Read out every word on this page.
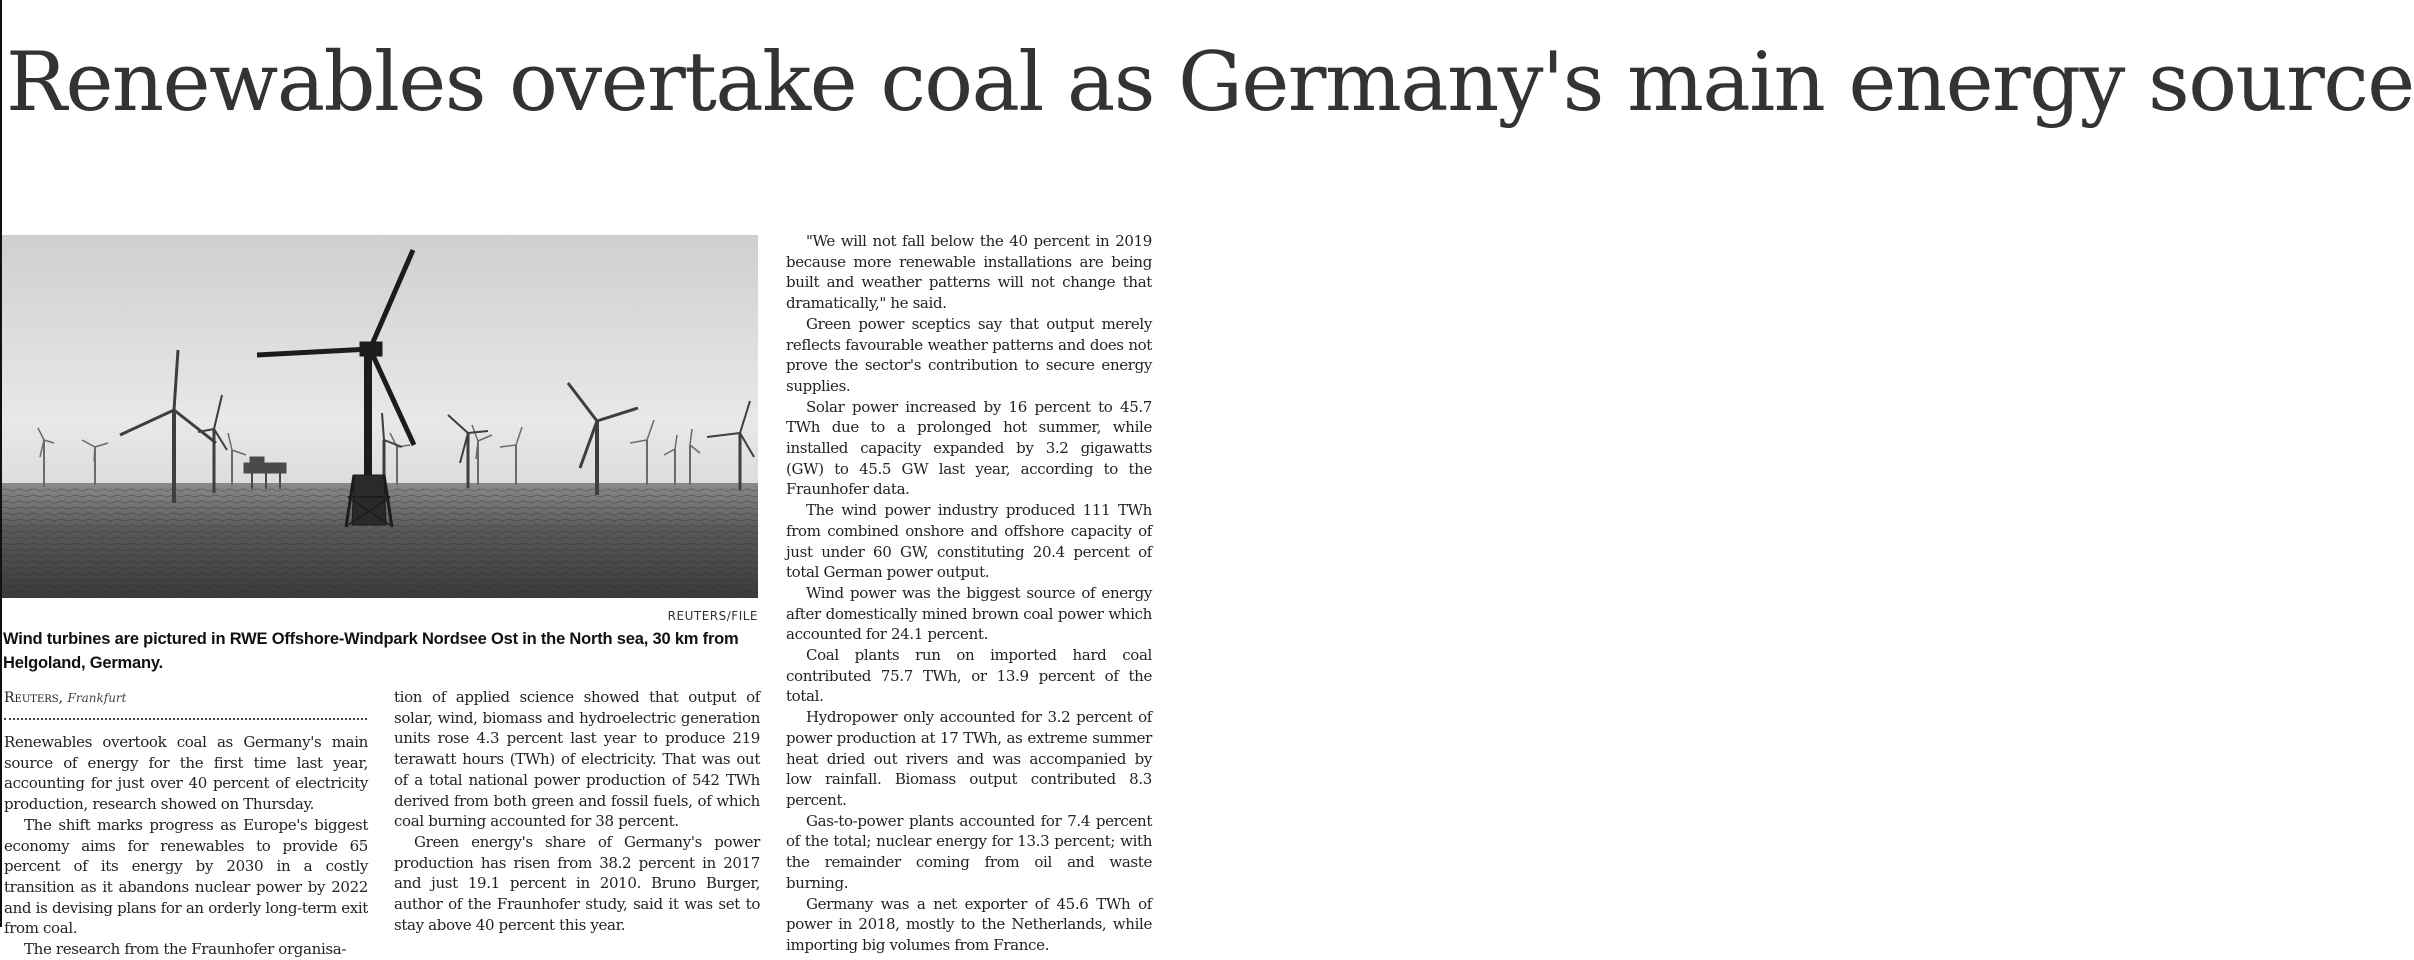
Renewables overtake coal as Germany's main energy source
REUTERS/FILE
Wind turbines are pictured in RWE Offshore-Windpark Nordsee Ost in the North sea, 30 km from Helgoland, Germany.
Reuters, Frankfurt

Renewables overtook coal as Germany's main source of energy for the first time last year, accounting for just over 40 percent of electricity production, research showed on Thursday.

The shift marks progress as Europe's biggest economy aims for renewables to provide 65 percent of its energy by 2030 in a costly transition as it abandons nuclear power by 2022 and is devising plans for an orderly long-term exit from coal.

The research from the Fraunhofer organisa-

tion of applied science showed that output of solar, wind, biomass and hydroelectric generation units rose 4.3 percent last year to produce 219 terawatt hours (TWh) of electricity. That was out of a total national power production of 542 TWh derived from both green and fossil fuels, of which coal burning accounted for 38 percent.

Green energy's share of Germany's power production has risen from 38.2 percent in 2017 and just 19.1 percent in 2010. Bruno Burger, author of the Fraunhofer study, said it was set to stay above 40 percent this year.

"We will not fall below the 40 percent in 2019 because more renewable installations are being built and weather patterns will not change that dramatically," he said.

Green power sceptics say that output merely reflects favourable weather patterns and does not prove the sector's contribution to secure energy supplies.

Solar power increased by 16 percent to 45.7 TWh due to a prolonged hot summer, while installed capacity expanded by 3.2 gigawatts (GW) to 45.5 GW last year, according to the Fraunhofer data.

The wind power industry produced 111 TWh from combined onshore and offshore capacity of just under 60 GW, constituting 20.4 percent of total German power output.

Wind power was the biggest source of energy after domestically mined brown coal power which accounted for 24.1 percent.

Coal plants run on imported hard coal contributed 75.7 TWh, or 13.9 percent of the total.

Hydropower only accounted for 3.2 percent of power production at 17 TWh, as extreme summer heat dried out rivers and was accompanied by low rainfall. Biomass output contributed 8.3 percent.

Gas-to-power plants accounted for 7.4 percent of the total; nuclear energy for 13.3 percent; with the remainder coming from oil and waste burning.

Germany was a net exporter of 45.6 TWh of power in 2018, mostly to the Netherlands, while importing big volumes from France.
